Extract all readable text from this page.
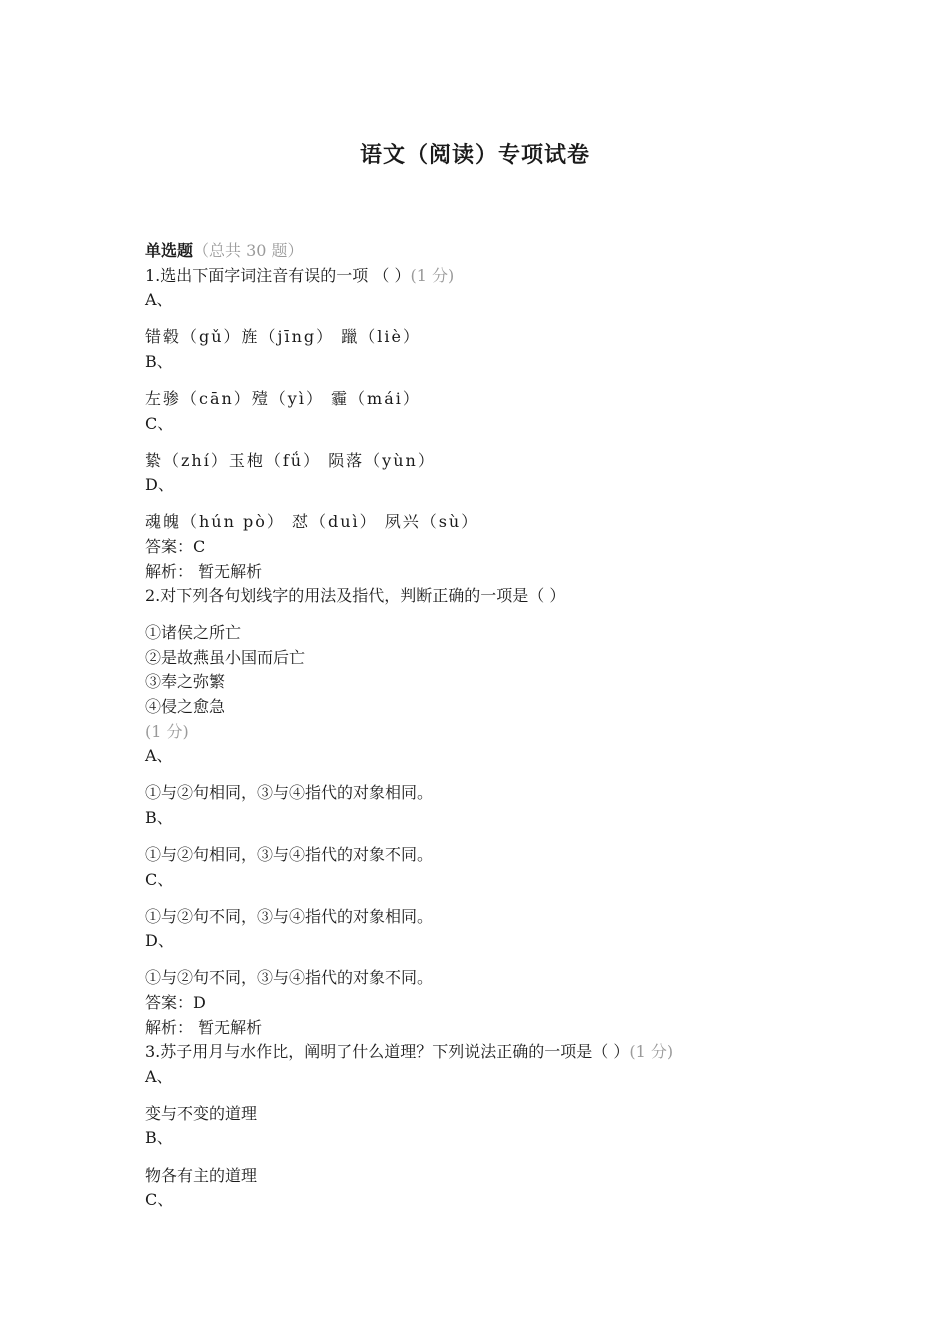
语文（阅读）专项试卷
单选题（总共 30 题）
1.选出下面字词注音有误的一项 （ ）(1 分)
A、
错毂（gǔ）旌（jīng） 躐（liè）
B、
左骖（cān）殪（yì） 霾（mái）
C、
絷（zhí）玉枹（fǘ） 陨落（yùn）
D、
魂魄（hún pò） 怼（duì） 夙兴（sù）
答案：C
解析： 暂无解析
2.对下列各句划线字的用法及指代，判断正确的一项是（ ）
①诸侯之所亡
②是故燕虽小国而后亡
③奉之弥繁
④侵之愈急
(1 分)
A、
①与②句相同，③与④指代的对象相同。
B、
①与②句相同，③与④指代的对象不同。
C、
①与②句不同，③与④指代的对象相同。
D、
①与②句不同，③与④指代的对象不同。
答案：D
解析： 暂无解析
3.苏子用月与水作比，阐明了什么道理？下列说法正确的一项是（ ）(1 分)
A、
变与不变的道理
B、
物各有主的道理
C、
